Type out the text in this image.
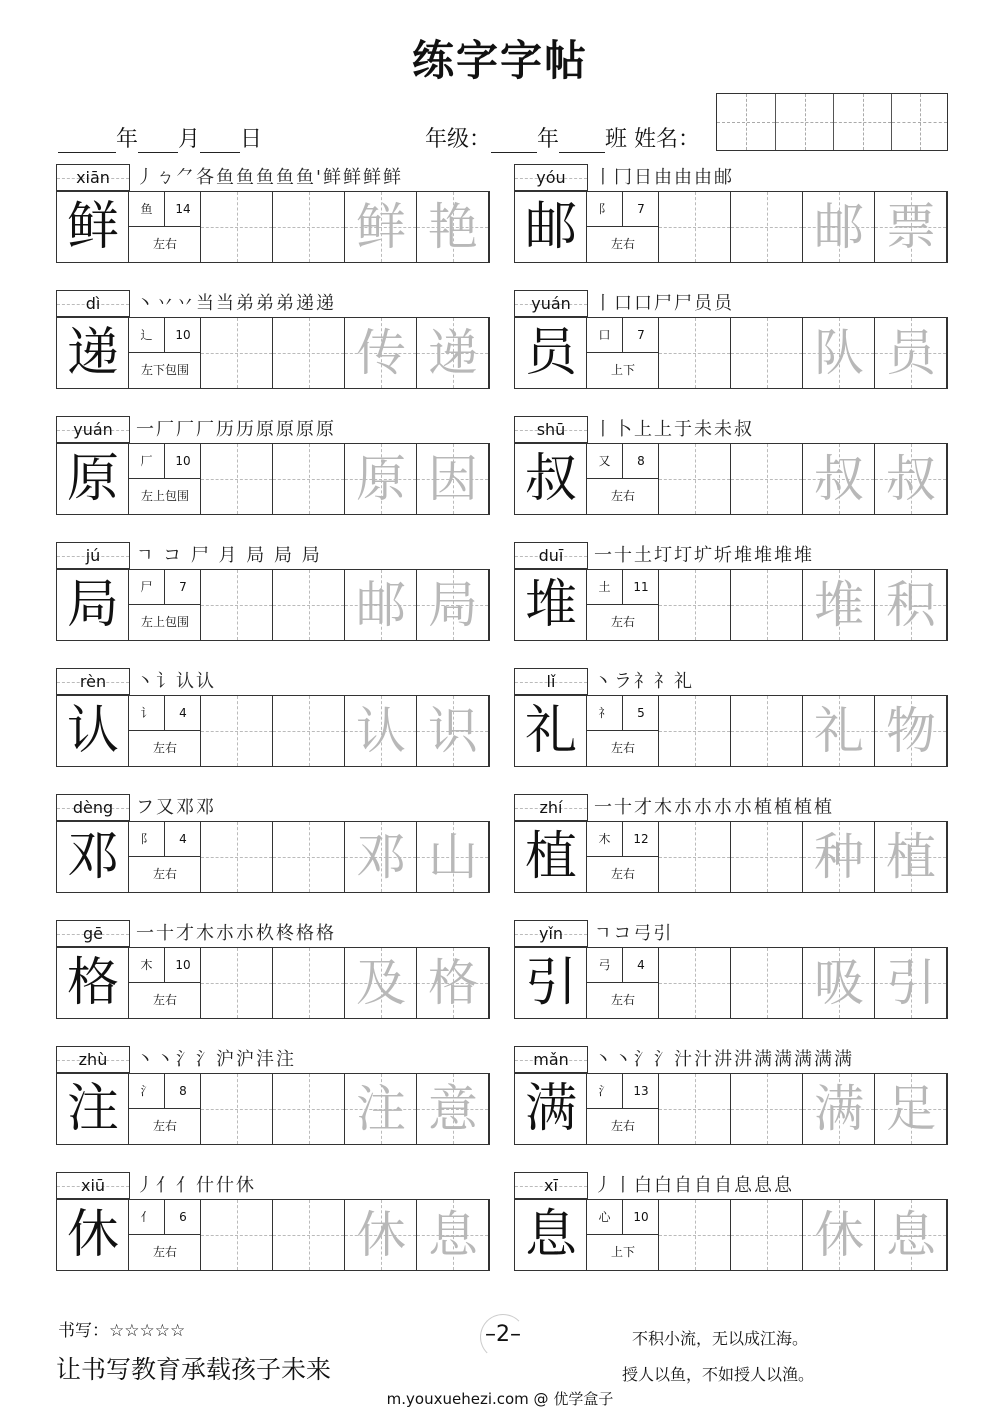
练字字帖
年 月 日	年级： 年 班 姓名：
xiān	丿ㄅ⺈各鱼鱼鱼鱼鱼'鲜鲜鲜鲜
鲜	鱼	14
左右	鲜 艳
yóu	丨冂日由由由邮
邮	阝	7
左右	邮 票
dì	丶丷丷当当弟弟弟递递
递	辶	10
左下包围	传 递
yuán	丨口口尸尸员员
员	口	7
上下	队 员
yuán	一厂厂厂历历原原原原
原	厂	10
左上包围	原 因
shū	丨卜上上于未未叔
叔	又	8
左右	叔 叔
jú	ㄱ コ 尸 月 局 局 局
局	尸	7
左上包围	邮 局
duī	一十土圢圢圹圻堆堆堆堆
堆	土	11
左右	堆 积
rèn	丶讠认认
认	讠	4
左右	认 识
lǐ	丶ラ礻礻礼
礼	礻	5
左右	礼 物
dèng	フ又邓邓
邓	阝	4
左右	邓 山
zhí	一十才木朩朩朩朩植植植植
植	木	12
左右	种 植
gē	一十才木朩朩杦柊格格
格	木	10
左右	及 格
yǐn	ㄱコ弓引
引	弓	4
左右	吸 引
zhù	丶丶氵氵沪沪沣注
注	氵	8
左右	注 意
mǎn	丶丶氵氵汁汁汫汫满满满满满
满	氵	13
左右	满 足
xiū	丿亻亻什什休
休	亻	6
左右	休 息
xī	丿丨白白自自自息息息
息	心	10
上下	休 息
书写：☆☆☆☆☆
让书写教育承载孩子未来
–2–	不积小流，无以成江海。
授人以鱼，不如授人以渔。
m.youxuehezi.com @ 优学盒子
